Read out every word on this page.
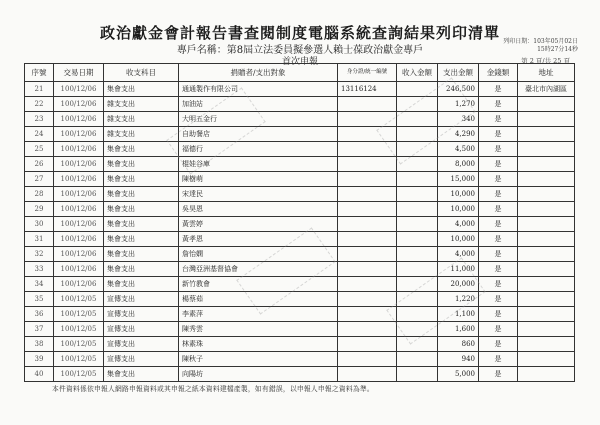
政治獻金會計報告書查閱制度電腦系統查詢結果列印清單
專戶名稱：第8屆立法委員擬參選人賴士葆政治獻金專戶
首次申報
列印日期：103年05月02日
15時27分14秒
第 2 頁/共 25 頁
序號	交易日期	收支科目	捐贈者/支出對象	身分證/統一編號	收入金額	支出金額	金錢類	地址
21	100/12/06	集會支出	通通製作有限公司	13116124		246,500	是	臺北市內湖區
22	100/12/06	雜支支出	加油站			1,270	是	
23	100/12/06	雜支支出	大明五金行			340	是	
24	100/12/06	雜支支出	自助餐店			4,290	是	
25	100/12/06	集會支出	福德行			4,500	是	
26	100/12/06	集會支出	棍娃谷庫			8,000	是	
27	100/12/06	集會支出	陳樹萌			15,000	是	
28	100/12/06	集會支出	宋達民			10,000	是	
29	100/12/06	集會支出	吳昊恩			10,000	是	
30	100/12/06	集會支出	黃雲婷			4,000	是	
31	100/12/06	集會支出	黃孝恩			10,000	是	
32	100/12/06	集會支出	詹怡嫻			4,000	是	
33	100/12/06	集會支出	台灣亞洲基督協會			11,000	是	
34	100/12/06	集會支出	新竹教會			20,000	是	
35	100/12/05	宣傳支出	楊蔡茹			1,220	是	
36	100/12/05	宣傳支出	李素萍			1,100	是	
37	100/12/05	宣傳支出	陳秀雲			1,600	是	
38	100/12/05	宣傳支出	林素珠			860	是	
39	100/12/05	宣傳支出	陳秋子			940	是	
40	100/12/05	集會支出	向陽坊			5,000	是	
本件資料係依申報人網路申報資料或其申報之紙本資料建檔產製，如有錯誤，以申報人申報之資料為準。
